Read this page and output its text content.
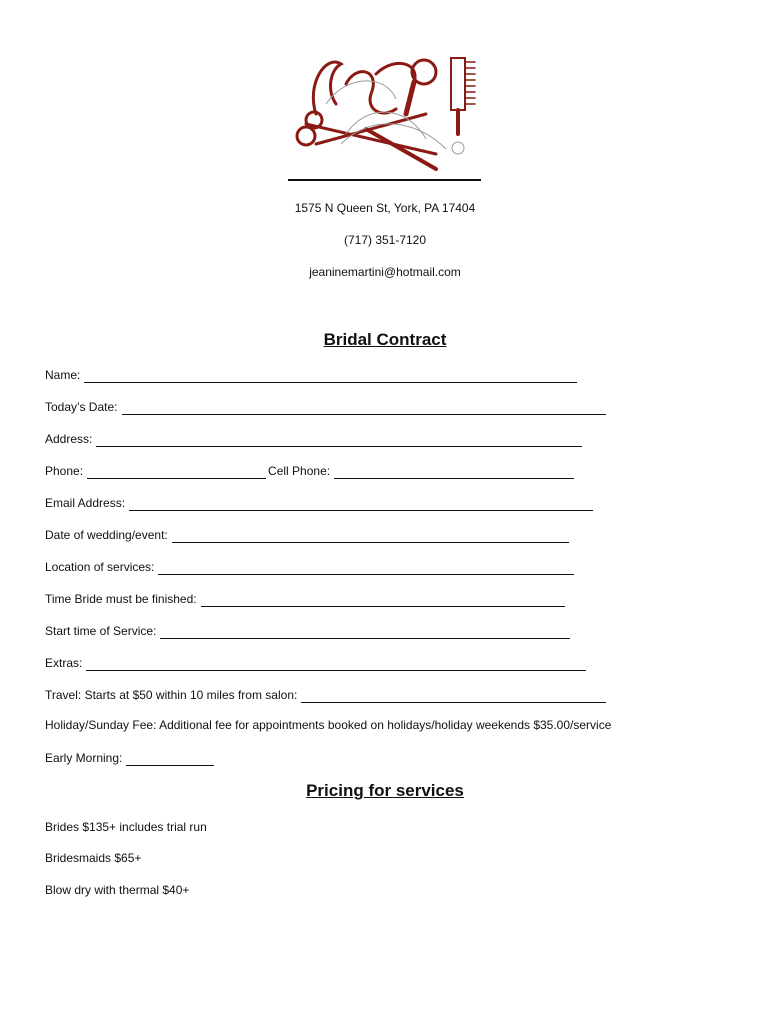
1575 N Queen St, York, PA 17404
(717) 351-7120
jeaninemartini@hotmail.com
Bridal Contract
Name:
Today’s Date:
Address:
Phone:	Cell Phone:
Email Address:
Date of wedding/event:
Location of services:
Time Bride must be finished:
Start time of Service:
Extras:
Travel: Starts at $50 within 10 miles from salon:
Holiday/Sunday Fee: Additional fee for appointments booked on holidays/holiday weekends $35.00/service
Early Morning:
Pricing for services
Brides $135+ includes trial run
Bridesmaids $65+
Blow dry with thermal $40+
